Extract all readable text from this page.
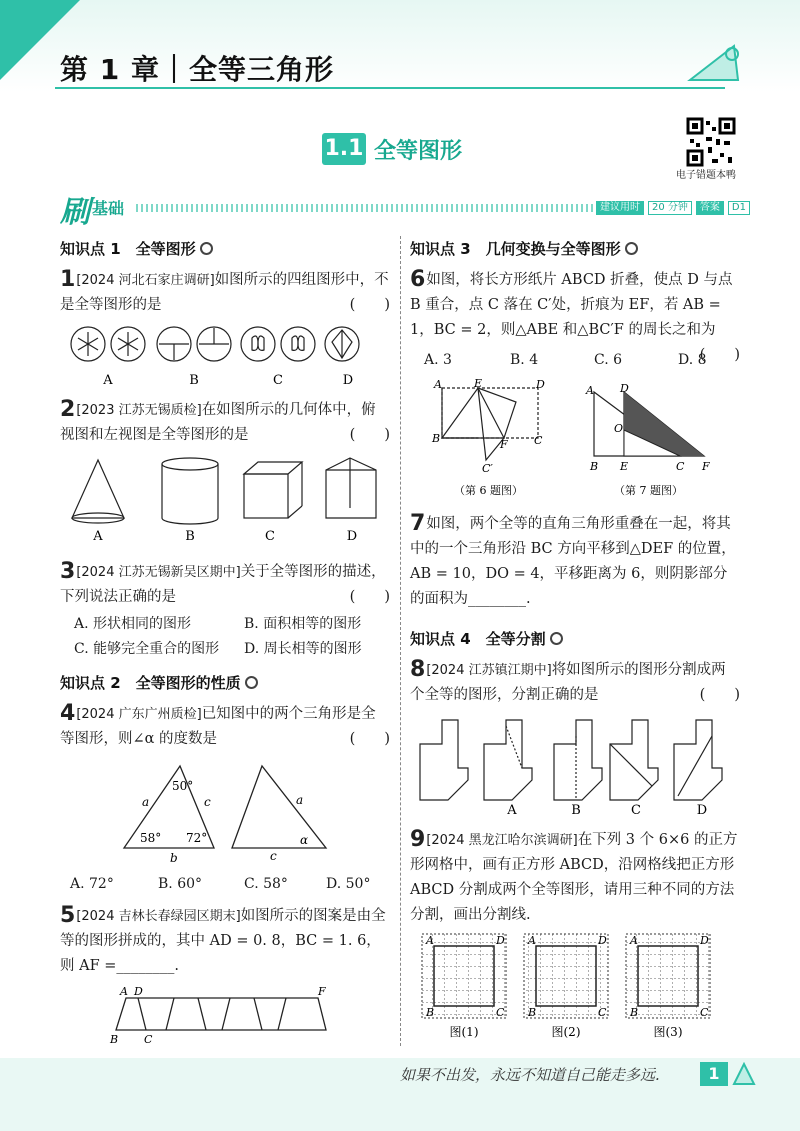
第 1 章｜全等三角形
1.1 全等图形
电子错题本鸭
刷 基础	建议用时	20 分钟	答案	D1
知识点 1　全等图形
1 [2024 河北石家庄调研]如图所示的四组图形中，不是全等图形的是	(　　)
A	B	C	D
2 [2023 江苏无锡质检]在如图所示的几何体中，俯视图和左视图是全等图形的是	(　　)
A	B	C	D
3 [2024 江苏无锡新吴区期中]关于全等图形的描述，下列说法正确的是	(　　)
A. 形状相同的图形	B. 面积相等的图形
C. 能够完全重合的图形 D. 周长相等的图形
知识点 2　全等图形的性质
4 [2024 广东广州质检]已知图中的两个三角形是全等图形，则∠α 的度数是	(　　)
50°
58° 72°
a	c
b
a
c
α
A. 72°	B. 60°	C. 58°	D. 50°
5 [2024 吉林长春绿园区期末]如图所示的图案是由全等的图形拼成的，其中 AD = 0. 8，BC = 1. 6，则 AF =________.
A D	F
B C
知识点 3　几何变换与全等图形
6 如图，将长方形纸片 ABCD 折叠，使点 D 与点 B 重合，点 C 落在 C′处，折痕为 EF，若 AB = 1，BC = 2，则△ABE 和△BC′F 的周长之和为
(　　)
A. 3	B. 4	C. 6	D. 8
A	E	D
B	F C
C′
（第 6 题图）
A D
O
B E	C F
（第 7 题图）
7 如图，两个全等的直角三角形重叠在一起，将其中的一个三角形沿 BC 方向平移到△DEF 的位置，AB = 10，DO = 4，平移距离为 6，则阴影部分的面积为________.
知识点 4　全等分割
8 [2024 江苏镇江期中]将如图所示的图形分割成两个全等的图形，分割正确的是	(　　)
A	B	C	D
9 [2024 黑龙江哈尔滨调研]在下列 3 个 6×6 的正方形网格中，画有正方形 ABCD，沿网格线把正方形 ABCD 分割成两个全等图形，请用三种不同的方法分割，画出分割线.
A	D
B	C
A	D
B	C
A	D
B	C
图(1)	图(2)	图(3)
如果不出发，永远不知道自己能走多远.	1
